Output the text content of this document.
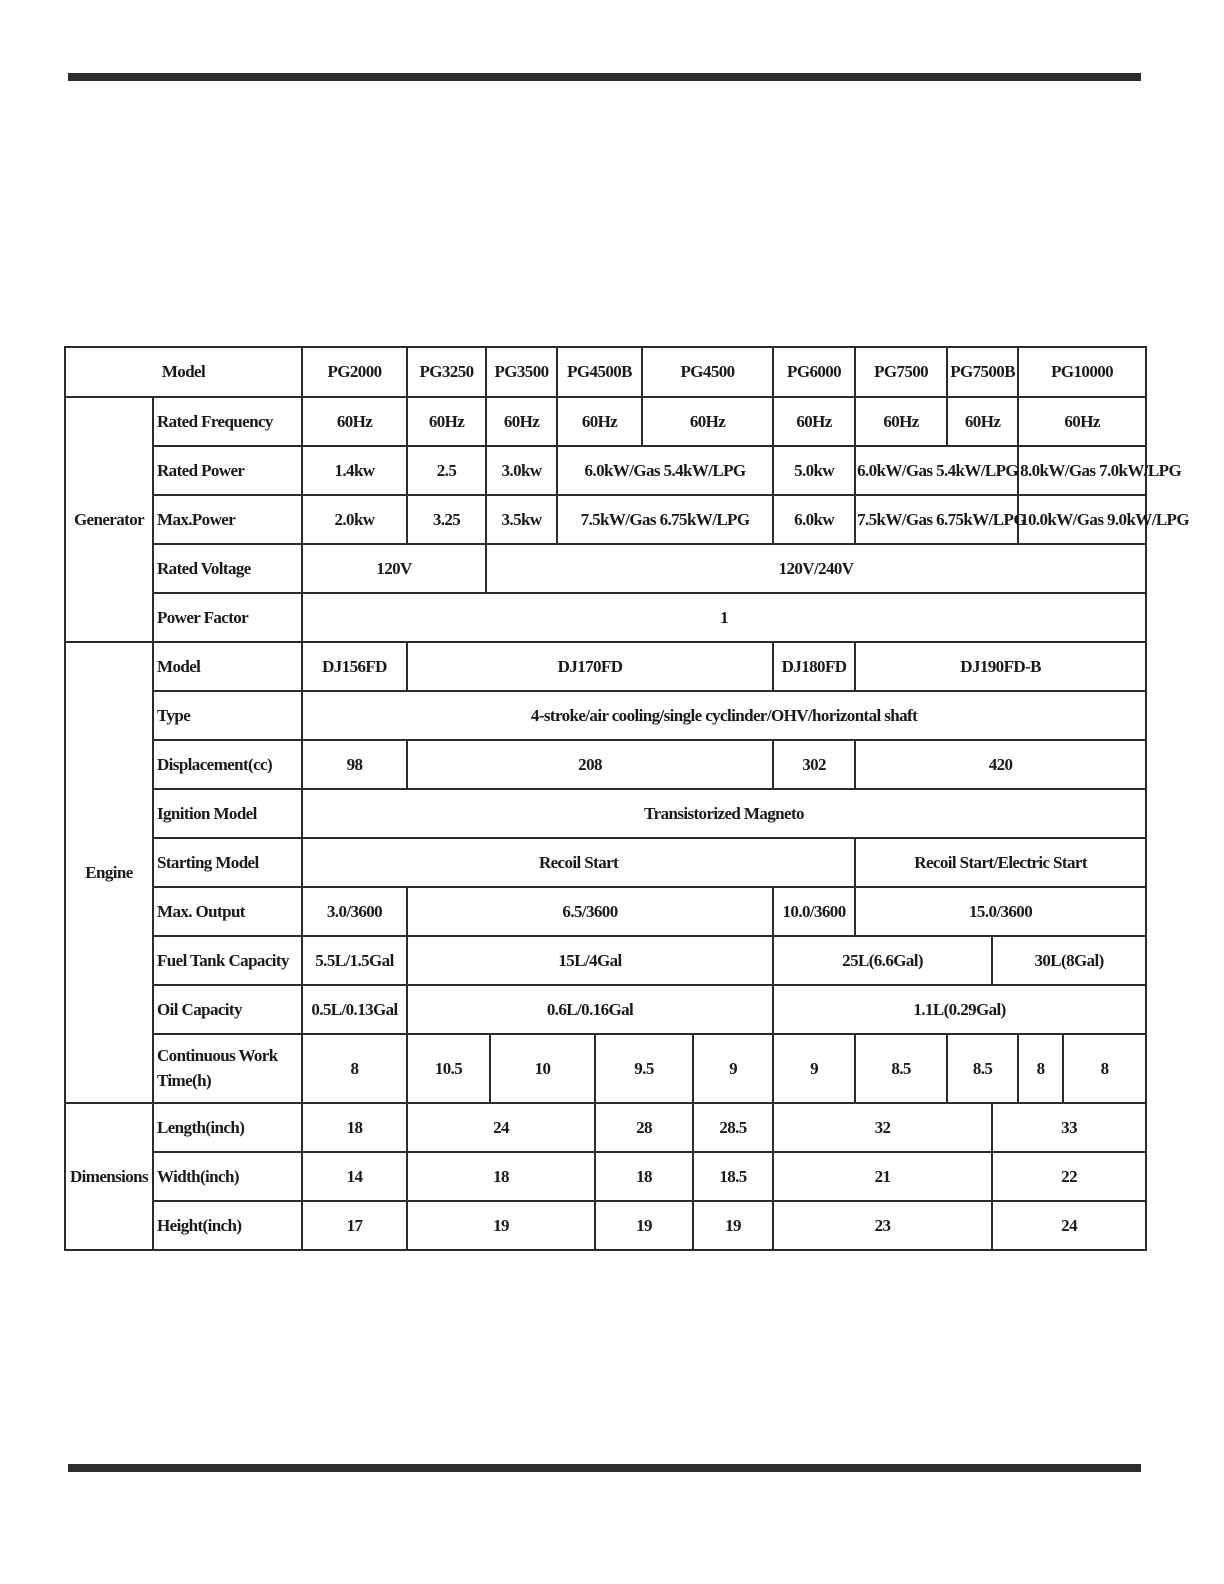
Model		PG2000	PG3250	PG3500		PG4500B		PG4500		PG6000	PG7500	PG7500B		PG10000	
Generator	Rated Frequency	60Hz	60Hz	60Hz		60Hz		60Hz		60Hz	60Hz	60Hz		60Hz	
	Rated Power	1.4kw	2.5	3.0kw		6.0kW/Gas 5.4kW/LPG				5.0kw	6.0kW/Gas 5.4kW/LPG			8.0kW/Gas 7.0kW/LPG		
	Max.Power	2.0kw	3.25	3.5kw		7.5kW/Gas 6.75kW/LPG				6.0kw	7.5kW/Gas 6.75kW/LPG			10.0kW/Gas 9.0kW/LPG		
	Rated Voltage	120V		120V/240V												
	Power Factor	1														
Engine	Model	DJ156FD	DJ170FD							DJ180FD	DJ190FD-B					
	Type	4-stroke/air cooling/single cyclinder/OHV/horizontal shaft														
	Displacement(cc)	98	208							302	420					
	Ignition Model	Transistorized Magneto														
	Starting Model	Recoil Start									Recoil Start/Electric Start					
	Max. Output	3.0/3600	6.5/3600							10.0/3600	15.0/3600					
	Fuel Tank Capacity	5.5L/1.5Gal	15L/4Gal							25L(6.6Gal)			30L(8Gal)			
	Oil Capacity	0.5L/0.13Gal	0.6L/0.16Gal							1.1L(0.29Gal)						
	Continuous Work Time(h)	8	10.5		10		9.5		9	9	8.5	8.5		8	8	
Dimensions	Length(inch)	18	24				28		28.5	32			33			
	Width(inch)	14	18				18		18.5	21			22			
	Height(inch)	17	19				19		19	23			24			
